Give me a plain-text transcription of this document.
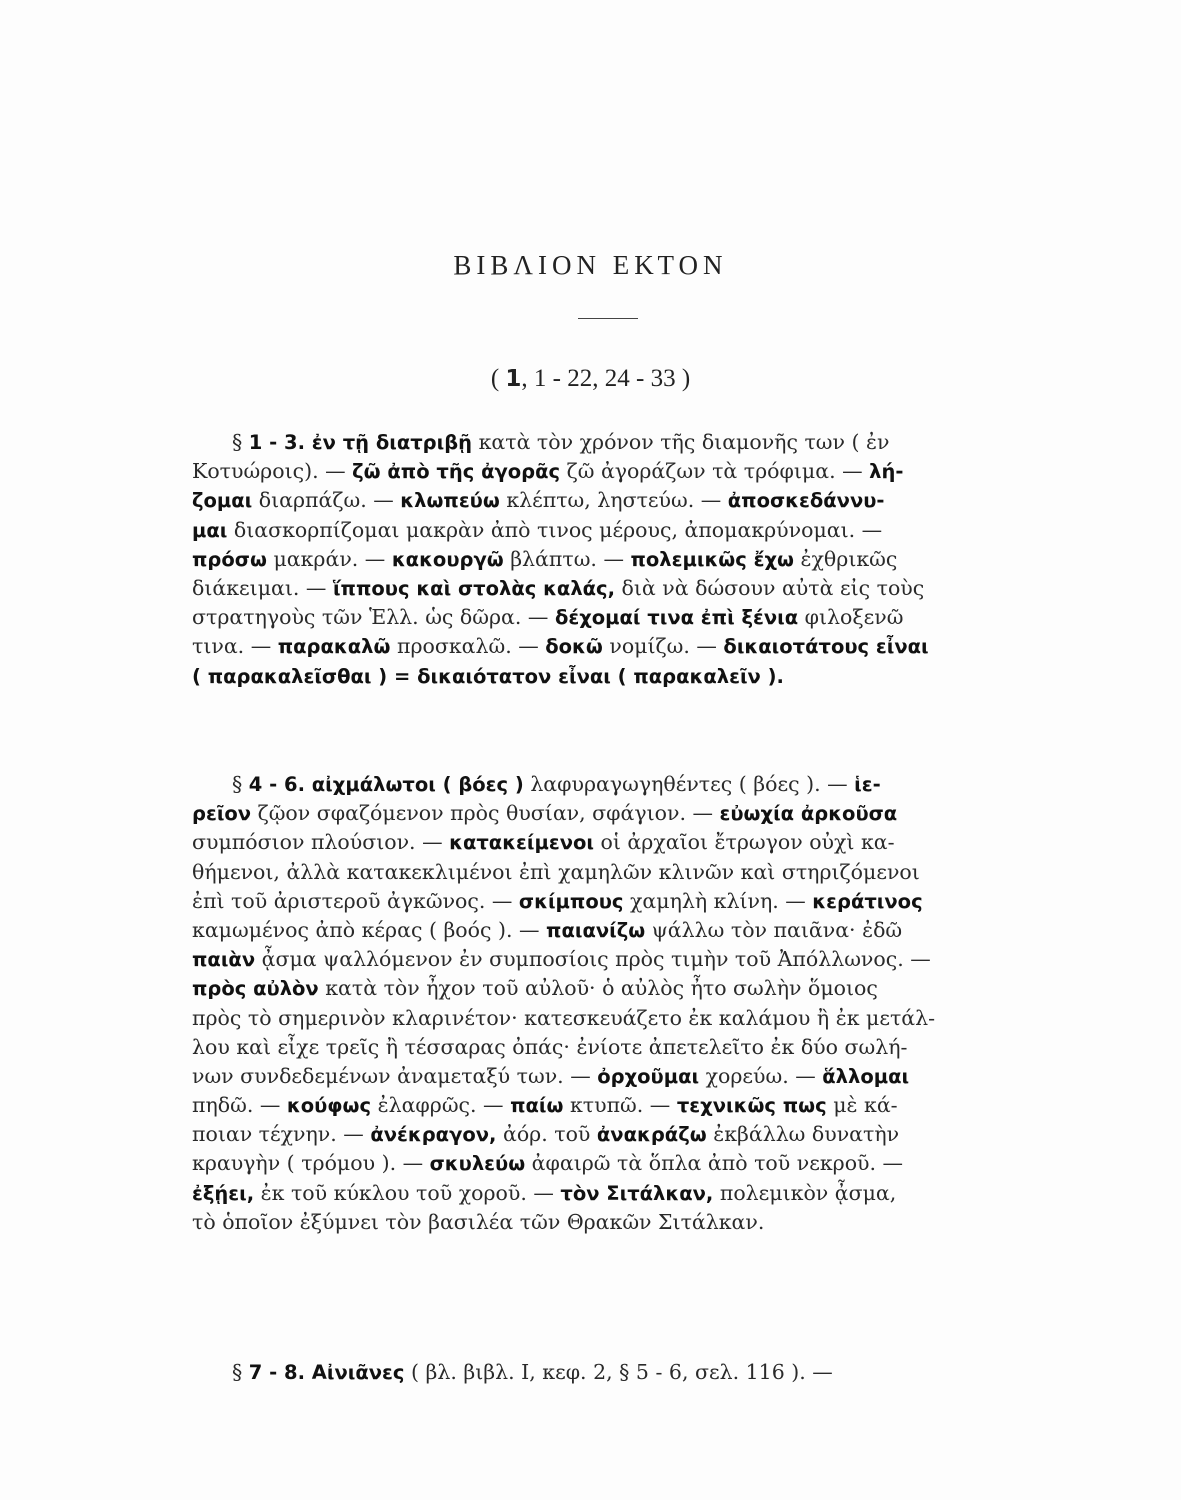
ΒΙΒΛΙΟΝ ΕΚΤΟΝ
( 1, 1 - 22, 24 - 33 )
§ 1 - 3. ἐν τῇ διατριβῇ κατὰ τὸν χρόνον τῆς διαμονῆς των ( ἐν
Κοτυώροις). — ζῶ ἀπὸ τῆς ἀγορᾶς ζῶ ἀγοράζων τὰ τρόφιμα. — λή-
ζομαι διαρπάζω. — κλωπεύω κλέπτω, ληστεύω. — ἀποσκεδάννυ-
μαι διασκορπίζομαι μακρὰν ἀπὸ τινος μέρους, ἀπομακρύνομαι. —
πρόσω μακράν. — κακουργῶ βλάπτω. — πολεμικῶς ἔχω ἐχθρικῶς
διάκειμαι. — ἵππους καὶ στολὰς καλάς, διὰ νὰ δώσουν αὐτὰ εἰς τοὺς
στρατηγοὺς τῶν Ἑλλ. ὡς δῶρα. — δέχομαί τινα ἐπὶ ξένια φιλοξενῶ
τινα. — παρακαλῶ προσκαλῶ. — δοκῶ νομίζω. — δικαιοτάτους εἶναι
( παρακαλεῖσθαι ) = δικαιότατον εἶναι ( παρακαλεῖν ).
§ 4 - 6. αἰχμάλωτοι ( βόες ) λαφυραγωγηθέντες ( βόες ). — ἱε-
ρεῖον ζῷον σφαζόμενον πρὸς θυσίαν, σφάγιον. — εὐωχία ἀρκοῦσα
συμπόσιον πλούσιον. — κατακείμενοι οἱ ἀρχαῖοι ἔτρωγον οὐχὶ κα-
θήμενοι, ἀλλὰ κατακεκλιμένοι ἐπὶ χαμηλῶν κλινῶν καὶ στηριζόμενοι
ἐπὶ τοῦ ἀριστεροῦ ἀγκῶνος. — σκίμπους χαμηλὴ κλίνη. — κεράτινος
καμωμένος ἀπὸ κέρας ( βοός ). — παιανίζω ψάλλω τὸν παιᾶνα· ἐδῶ
παιὰν ᾆσμα ψαλλόμενον ἐν συμποσίοις πρὸς τιμὴν τοῦ Ἀπόλλωνος. —
πρὸς αὐλὸν κατὰ τὸν ἦχον τοῦ αὐλοῦ· ὁ αὐλὸς ἦτο σωλὴν ὅμοιος
πρὸς τὸ σημερινὸν κλαρινέτον· κατεσκευάζετο ἐκ καλάμου ἢ ἐκ μετάλ-
λου καὶ εἶχε τρεῖς ἢ τέσσαρας ὀπάς· ἐνίοτε ἀπετελεῖτο ἐκ δύο σωλή-
νων συνδεδεμένων ἀναμεταξύ των. — ὀρχοῦμαι χορεύω. — ἅλλομαι
πηδῶ. — κούφως ἐλαφρῶς. — παίω κτυπῶ. — τεχνικῶς πως μὲ κά-
ποιαν τέχνην. — ἀνέκραγον, ἀόρ. τοῦ ἀνακράζω ἐκβάλλω δυνατὴν
κραυγὴν ( τρόμου ). — σκυλεύω ἀφαιρῶ τὰ ὅπλα ἀπὸ τοῦ νεκροῦ. —
ἐξῄει, ἐκ τοῦ κύκλου τοῦ χοροῦ. — τὸν Σιτάλκαν, πολεμικὸν ᾆσμα,
τὸ ὁποῖον ἐξύμνει τὸν βασιλέα τῶν Θρακῶν Σιτάλκαν.
§ 7 - 8. Αἰνιᾶνες ( βλ. βιβλ. I, κεφ. 2, § 5 - 6, σελ. 116 ). —
